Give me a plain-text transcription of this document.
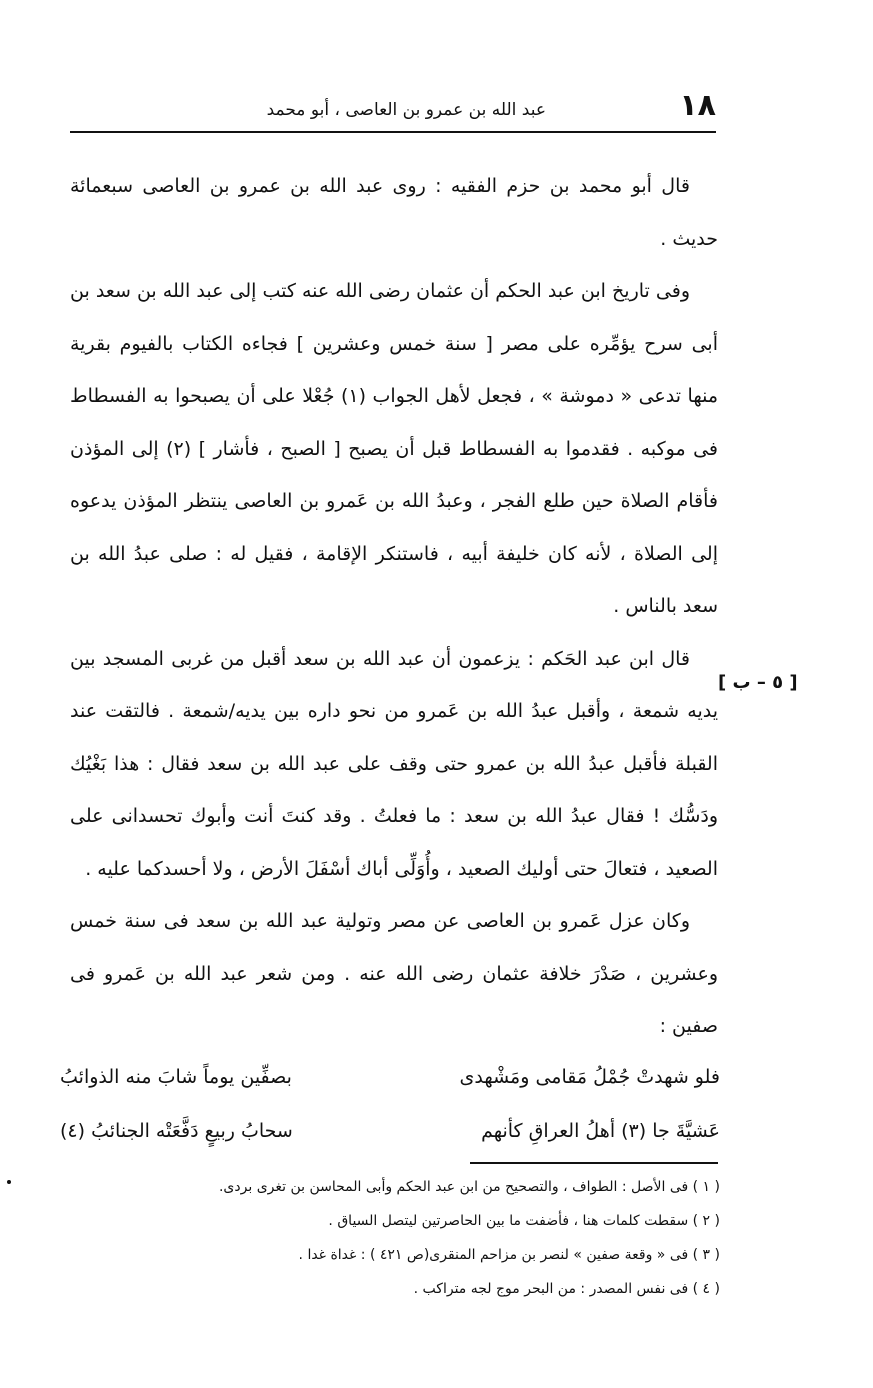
١٨
عبد الله بن عمرو بن العاصى ، أبو محمد
[ ٥ – ب ]

قال أبو محمد بن حزم الفقيه : روى عبد الله بن عمرو بن العاصى سبعمائة حديث .

وفى تاريخ ابن عبد الحكم أن عثمان رضى الله عنه كتب إلى عبد الله بن سعد بن أبى سرح يؤمِّره على مصر [ سنة خمس وعشرين ] فجاءه الكتاب بالفيوم بقرية منها تدعى « دموشة » ، فجعل لأهل الجواب (١) جُعْلا على أن يصبحوا به الفسطاط فى موكبه . فقدموا به الفسطاط قبل أن يصبح [ الصبح ، فأشار ] (٢) إلى المؤذن فأقام الصلاة حين طلع الفجر ، وعبدُ الله بن عَمرو بن العاصى ينتظر المؤذن يدعوه إلى الصلاة ، لأنه كان خليفة أبيه ، فاستنكر الإقامة ، فقيل له : صلى عبدُ الله بن سعد بالناس .

قال ابن عبد الحَكم : يزعمون أن عبد الله بن سعد أقبل من غربى المسجد بين يديه شمعة ، وأقبل عبدُ الله بن عَمرو من نحو داره بين يديه/شمعة . فالتقت عند القبلة فأقبل عبدُ الله بن عمرو حتى وقف على عبد الله بن سعد فقال : هذا بَغْيُك ودَسُّك ! فقال عبدُ الله بن سعد : ما فعلتُ . وقد كنتَ أنت وأبوك تحسدانى على الصعيد ، فتعالَ حتى أوليك الصعيد ، وأُوَلِّى أباك أسْفَلَ الأرض ، ولا أحسدكما عليه .

وكان عزل عَمرو بن العاصى عن مصر وتولية عبد الله بن سعد فى سنة خمس وعشرين ، صَدْرَ خلافة عثمان رضى الله عنه . ومن شعر عبد الله بن عَمرو فى صفين :

فلو شهدتْ جُمْلُ مَقامى ومَشْهدى
بصفِّين يوماً شابَ منه الذوائبُ
عَشيَّةَ جا (٣) أهلُ العراقِ كأنهم
سحابُ ربيعٍ دَفَّعَتْه الجنائبُ (٤)
( ١ ) فى الأصل : الطواف ، والتصحيح من ابن عبد الحكم وأبى المحاسن بن تغرى بردى.
( ٢ ) سقطت كلمات هنا ، فأضفت ما بين الحاصرتين ليتصل السياق .
( ٣ ) فى « وقعة صفين » لنصر بن مزاحم المنقرى(ص ٤٢١ ) : غداة غدا .
( ٤ ) فى نفس المصدر : من البحر موج لجه متراكب .
